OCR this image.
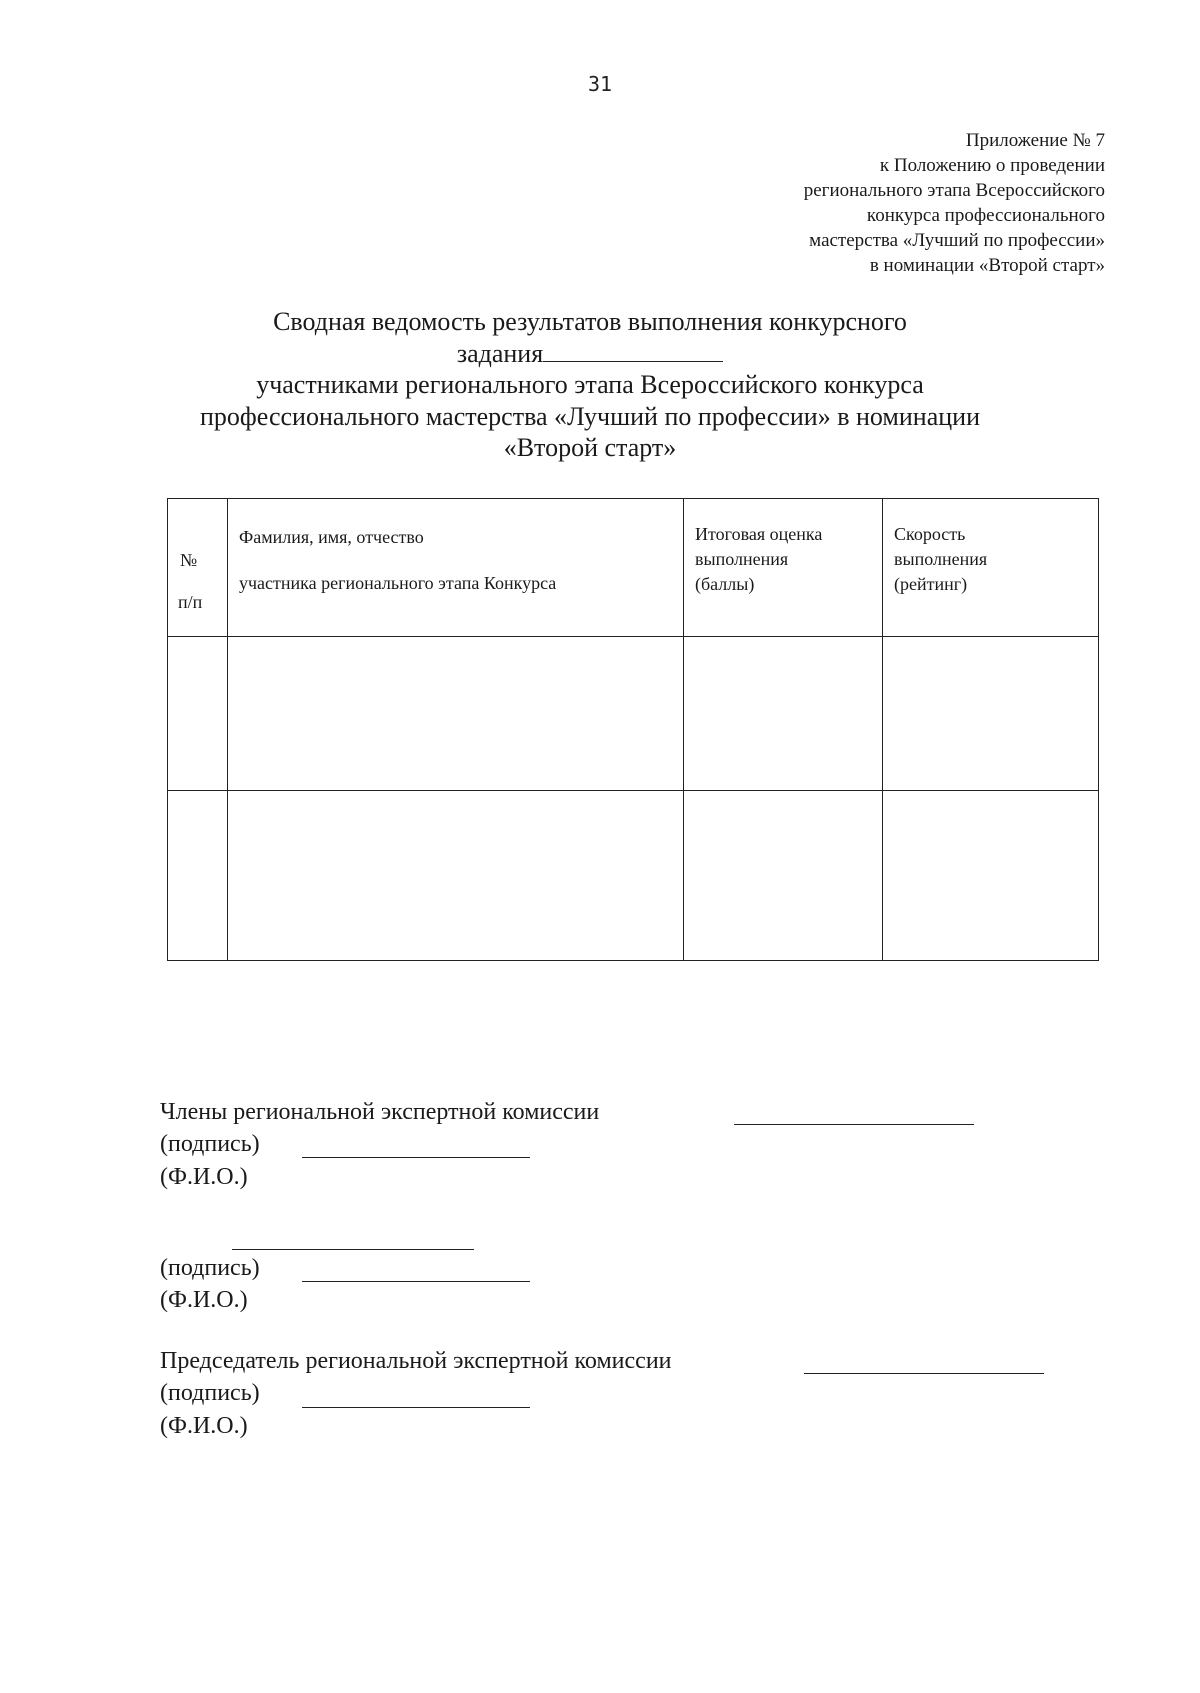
31
Приложение № 7
к Положению о проведении
регионального этапа Всероссийского
конкурса профессионального
мастерства «Лучший по профессии»
в номинации «Второй старт»
Сводная ведомость результатов выполнения конкурсного
задания
участниками регионального этапа Всероссийского конкурса
профессионального мастерства «Лучший по профессии» в номинации
«Второй старт»
№
п/п
Фамилия, имя, отчество
участника регионального этапа Конкурса
Итоговая оценка
выполнения
(баллы)
Скорость
выполнения
(рейтинг)
Члены региональной экспертной комиссии
(подпись)
(Ф.И.О.)
(подпись)
(Ф.И.О.)
Председатель региональной экспертной комиссии
(подпись)
(Ф.И.О.)
